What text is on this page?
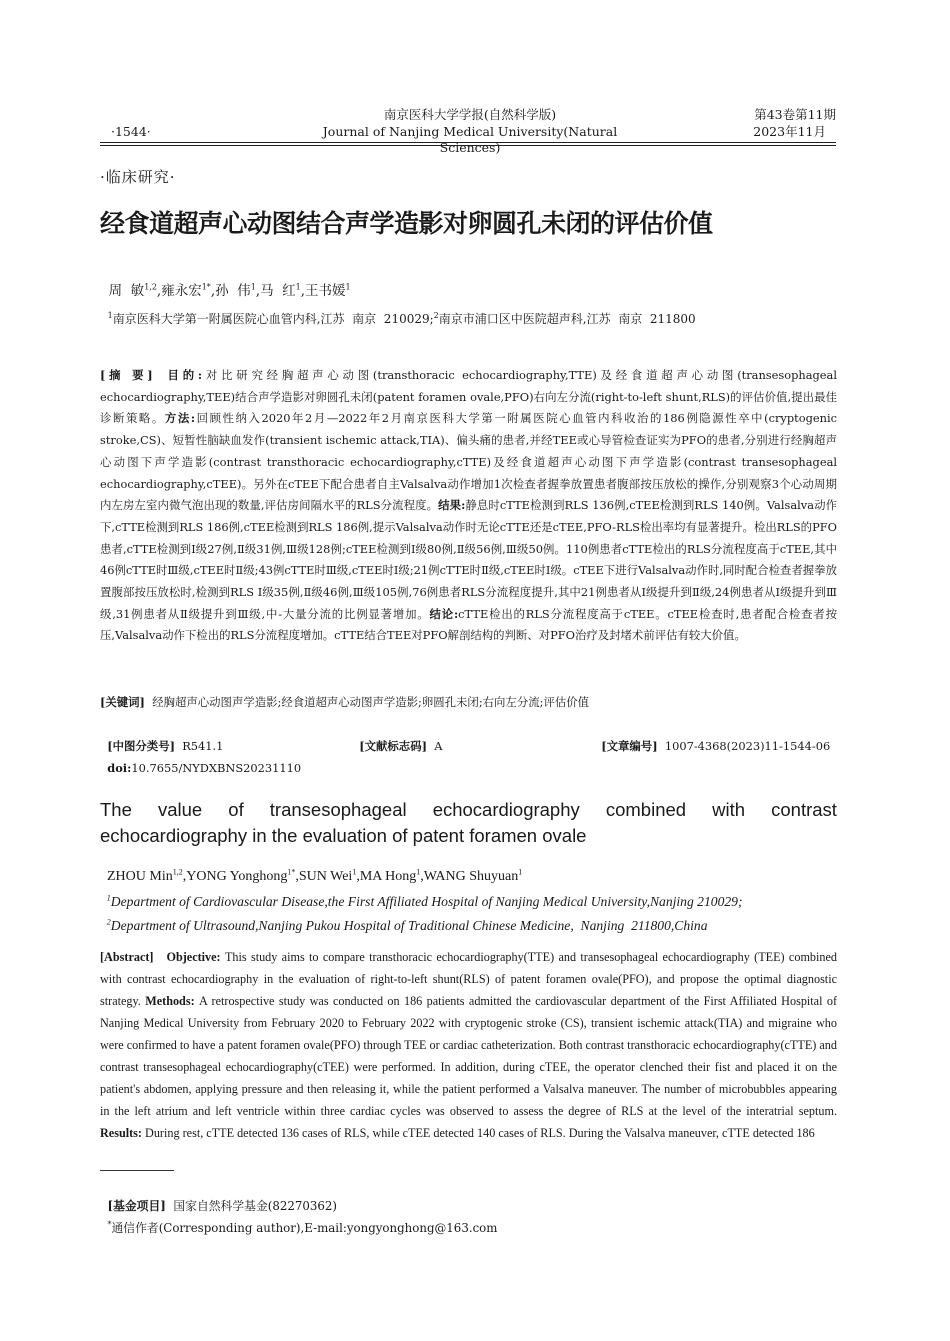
·1544·
南京医科大学学报(自然科学版)
Journal of Nanjing Medical University(Natural Sciences)
第43卷第11期
2023年11月
·临床研究·
经食道超声心动图结合声学造影对卵圆孔未闭的评估价值

周  敏$^{1,2}$,雍永宏$^{1*}$,孙  伟$^1$,马  红$^1$,王书媛$^1$

$^1$南京医科大学第一附属医院心血管内科,江苏  南京  210029;$^2$南京市浦口区中医院超声科,江苏  南京  211800

[摘 要] 目的:对比研究经胸超声心动图(transthoracic echocardiography,TTE)及经食道超声心动图(transesophageal echocardiography,TEE)结合声学造影对卵圆孔未闭(patent foramen ovale,PFO)右向左分流(right-to-left shunt,RLS)的评估价值,提出最佳诊断策略。方法:回顾性纳入2020年2月—2022年2月南京医科大学第一附属医院心血管内科收治的186例隐源性卒中(cryptogenic stroke,CS)、短暂性脑缺血发作(transient ischemic attack,TIA)、偏头痛的患者,并经TEE或心导管检查证实为PFO的患者,分别进行经胸超声心动图下声学造影(contrast transthoracic echocardiography,cTTE)及经食道超声心动图下声学造影(contrast transesophageal echocardiography,cTEE)。另外在cTEE下配合患者自主Valsalva动作增加1次检查者握拳放置患者腹部按压放松的操作,分别观察3个心动周期内左房左室内微气泡出现的数量,评估房间隔水平的RLS分流程度。结果:静息时cTTE检测到RLS 136例,cTEE检测到RLS 140例。Valsalva动作下,cTTE检测到RLS 186例,cTEE检测到RLS 186例,提示Valsalva动作时无论cTTE还是cTEE,PFO-RLS检出率均有显著提升。检出RLS的PFO患者,cTTE检测到Ⅰ级27例,Ⅱ级31例,Ⅲ级128例;cTEE检测到Ⅰ级80例,Ⅱ级56例,Ⅲ级50例。110例患者cTTE检出的RLS分流程度高于cTEE,其中46例cTTE时Ⅲ级,cTEE时Ⅱ级;43例cTTE时Ⅲ级,cTEE时Ⅰ级;21例cTTE时Ⅱ级,cTEE时Ⅰ级。cTEE下进行Valsalva动作时,同时配合检查者握拳放置腹部按压放松时,检测到RLS Ⅰ级35例,Ⅱ级46例,Ⅲ级105例,76例患者RLS分流程度提升,其中21例患者从Ⅰ级提升到Ⅱ级,24例患者从Ⅰ级提升到Ⅲ级,31例患者从Ⅱ级提升到Ⅲ级,中-大量分流的比例显著增加。结论:cTTE检出的RLS分流程度高于cTEE。cTEE检查时,患者配合检查者按压,Valsalva动作下检出的RLS分流程度增加。cTTE结合TEE对PFO解剖结构的判断、对PFO治疗及封堵术前评估有较大价值。
[关键词] 经胸超声心动图声学造影;经食道超声心动图声学造影;卵圆孔未闭;右向左分流;评估价值

[中图分类号] R541.1	[文献标志码] A	[文章编号] 1007-4368(2023)11-1544-06

doi:10.7655/NYDXBNS20231110

The value of transesophageal echocardiography combined with contrast
echocardiography in the evaluation of patent foramen ovale

ZHOU Min$^{1,2}$,YONG Yonghong$^{1*}$,SUN Wei$^1$,MA Hong$^1$,WANG Shuyuan$^1$

$^1$Department of Cardiovascular Disease,the First Affiliated Hospital of Nanjing Medical University,Nanjing 210029;

$^2$Department of Ultrasound,Nanjing Pukou Hospital of Traditional Chinese Medicine,  Nanjing  211800,China

[Abstract] Objective: This study aims to compare transthoracic echocardiography(TTE) and transesophageal echocardiography (TEE) combined with contrast echocardiography in the evaluation of right-to-left shunt(RLS) of patent foramen ovale(PFO), and propose the optimal diagnostic strategy. Methods: A retrospective study was conducted on 186 patients admitted the cardiovascular department of the First Affiliated Hospital of Nanjing Medical University from February 2020 to February 2022 with cryptogenic stroke (CS), transient ischemic attack(TIA) and migraine who were confirmed to have a patent foramen ovale(PFO) through TEE or cardiac catheterization. Both contrast transthoracic echocardiography(cTTE) and contrast transesophageal echocardiography(cTEE) were performed. In addition, during cTEE, the operator clenched their fist and placed it on the patient's abdomen, applying pressure and then releasing it, while the patient performed a Valsalva maneuver. The number of microbubbles appearing in the left atrium and left ventricle within three cardiac cycles was observed to assess the degree of RLS at the level of the interatrial septum. Results: During rest, cTTE detected 136 cases of RLS, while cTEE detected 140 cases of RLS. During the Valsalva maneuver, cTTE detected 186

[基金项目] 国家自然科学基金(82270362)

*通信作者(Corresponding author),E-mail:yongyonghong@163.com
